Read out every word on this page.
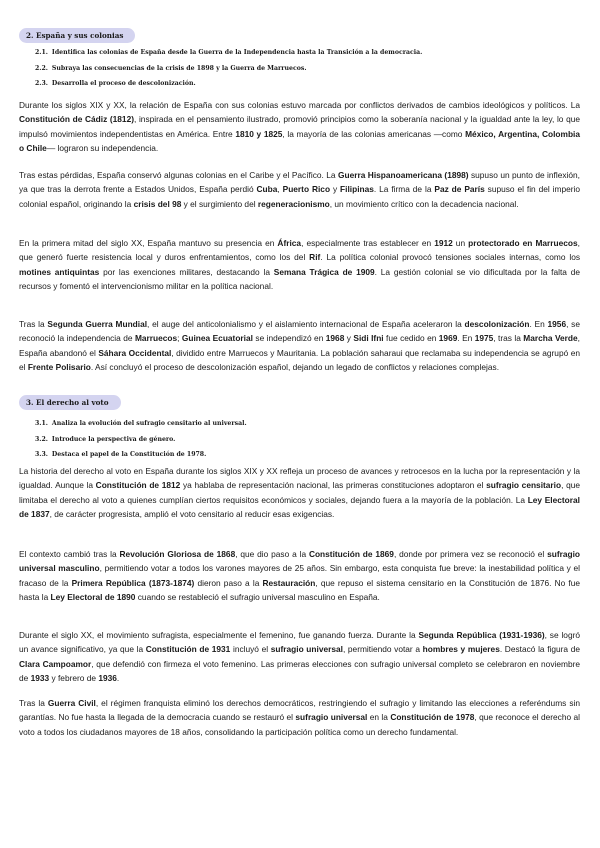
2. España y sus colonias
2.1. Identifica las colonias de España desde la Guerra de la Independencia hasta la Transición a la democracia.
2.2. Subraya las consecuencias de la crisis de 1898 y la Guerra de Marruecos.
2.3. Desarrolla el proceso de descolonización.

Durante los siglos XIX y XX, la relación de España con sus colonias estuvo marcada por conflictos derivados de cambios ideológicos y políticos. La Constitución de Cádiz (1812), inspirada en el pensamiento ilustrado, promovió principios como la soberanía nacional y la igualdad ante la ley, lo que impulsó movimientos independentistas en América. Entre 1810 y 1825, la mayoría de las colonias americanas —como México, Argentina, Colombia o Chile— lograron su independencia.

Tras estas pérdidas, España conservó algunas colonias en el Caribe y el Pacífico. La Guerra Hispanoamericana (1898) supuso un punto de inflexión, ya que tras la derrota frente a Estados Unidos, España perdió Cuba, Puerto Rico y Filipinas. La firma de la Paz de París supuso el fin del imperio colonial español, originando la crisis del 98 y el surgimiento del regeneracionismo, un movimiento crítico con la decadencia nacional.

En la primera mitad del siglo XX, España mantuvo su presencia en África, especialmente tras establecer en 1912 un protectorado en Marruecos, que generó fuerte resistencia local y duros enfrentamientos, como los del Rif. La política colonial provocó tensiones sociales internas, como los motines antiquintas por las exenciones militares, destacando la Semana Trágica de 1909. La gestión colonial se vio dificultada por la falta de recursos y fomentó el intervencionismo militar en la política nacional.

Tras la Segunda Guerra Mundial, el auge del anticolonialismo y el aislamiento internacional de España aceleraron la descolonización. En 1956, se reconoció la independencia de Marruecos; Guinea Ecuatorial se independizó en 1968 y Sidi Ifni fue cedido en 1969. En 1975, tras la Marcha Verde, España abandonó el Sáhara Occidental, dividido entre Marruecos y Mauritania. La población saharaui que reclamaba su independencia se agrupó en el Frente Polisario. Así concluyó el proceso de descolonización español, dejando un legado de conflictos y relaciones complejas.

3. El derecho al voto
3.1. Analiza la evolución del sufragio censitario al universal.
3.2. Introduce la perspectiva de género.
3.3. Destaca el papel de la Constitución de 1978.

La historia del derecho al voto en España durante los siglos XIX y XX refleja un proceso de avances y retrocesos en la lucha por la representación y la igualdad. Aunque la Constitución de 1812 ya hablaba de representación nacional, las primeras constituciones adoptaron el sufragio censitario, que limitaba el derecho al voto a quienes cumplían ciertos requisitos económicos y sociales, dejando fuera a la mayoría de la población. La Ley Electoral de 1837, de carácter progresista, amplió el voto censitario al reducir esas exigencias.

El contexto cambió tras la Revolución Gloriosa de 1868, que dio paso a la Constitución de 1869, donde por primera vez se reconoció el sufragio universal masculino, permitiendo votar a todos los varones mayores de 25 años. Sin embargo, esta conquista fue breve: la inestabilidad política y el fracaso de la Primera República (1873-1874) dieron paso a la Restauración, que repuso el sistema censitario en la Constitución de 1876. No fue hasta la Ley Electoral de 1890 cuando se restableció el sufragio universal masculino en España.

Durante el siglo XX, el movimiento sufragista, especialmente el femenino, fue ganando fuerza. Durante la Segunda República (1931-1936), se logró un avance significativo, ya que la Constitución de 1931 incluyó el sufragio universal, permitiendo votar a hombres y mujeres. Destacó la figura de Clara Campoamor, que defendió con firmeza el voto femenino. Las primeras elecciones con sufragio universal completo se celebraron en noviembre de 1933 y febrero de 1936.

Tras la Guerra Civil, el régimen franquista eliminó los derechos democráticos, restringiendo el sufragio y limitando las elecciones a referéndums sin garantías. No fue hasta la llegada de la democracia cuando se restauró el sufragio universal en la Constitución de 1978, que reconoce el derecho al voto a todos los ciudadanos mayores de 18 años, consolidando la participación política como un derecho fundamental.
